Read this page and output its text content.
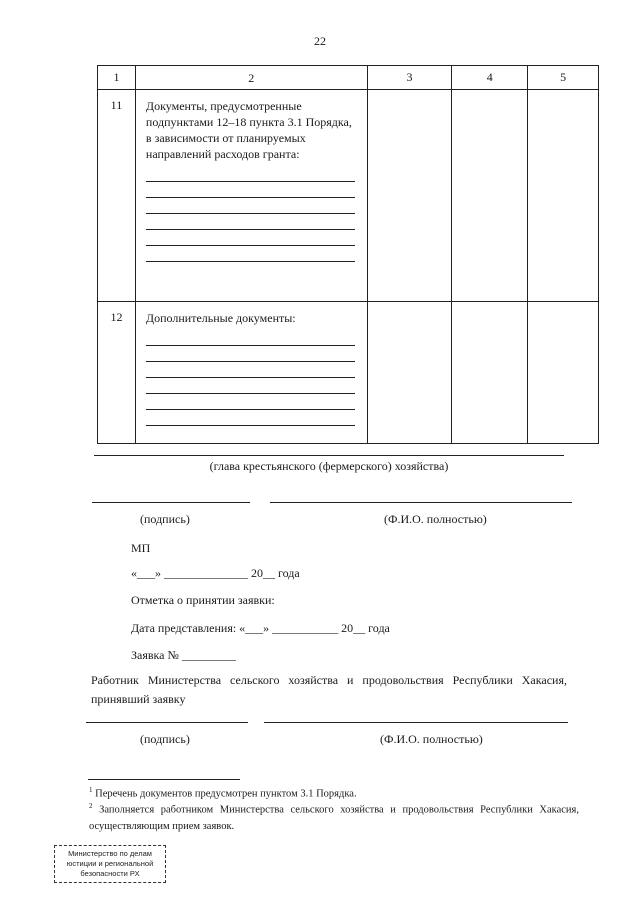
22
1	2	3	4	5
11	Документы, предусмотренные подпунктами 12–18 пункта 3.1 Порядка, в зависимости от планируемых направлений расходов гранта:			

12	Дополнительные документы:			

(глава крестьянского (фермерского) хозяйства)
(подпись)	(Ф.И.О. полностью)
МП
«___» ______________ 20__ года
Отметка о принятии заявки:
Дата представления: «___» ___________ 20__ года
Заявка № _________
Работник Министерства сельского хозяйства и продовольствия Республики Хакасия, принявший заявку
(подпись)	(Ф.И.О. полностью)
$^1$ Перечень документов предусмотрен пунктом 3.1 Порядка.
$^2$ Заполняется работником Министерства сельского хозяйства и продовольствия Республики Хакасия, осуществляющим прием заявок.
Министерство по делам
юстиции и региональной
безопасности РХ
